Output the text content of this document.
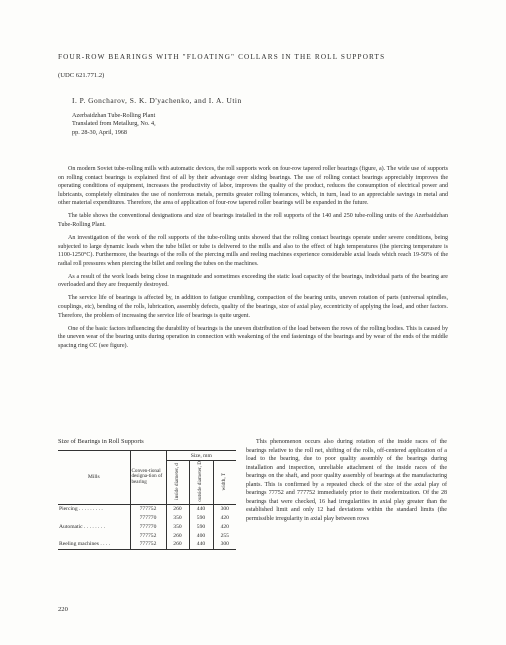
FOUR-ROW BEARINGS WITH "FLOATING" COLLARS IN THE ROLL SUPPORTS
(UDC 621.771.2)
I. P. Goncharov, S. K. D'yachenko, and I. A. Utin
Azerbaidzhan Tube-Rolling Plant
Translated from Metallurg, No. 4,
pp. 28-30, April, 1968

On modern Soviet tube-rolling mills with automatic devices, the roll supports work on four-row tapered roller bearings (figure, a). The wide use of supports on rolling contact bearings is explained first of all by their advantage over sliding bearings. The use of rolling contact bearings appreciably improves the operating conditions of equipment, increases the productivity of labor, improves the quality of the product, reduces the consumption of electrical power and lubricants, completely eliminates the use of nonferrous metals, permits greater rolling tolerances, which, in turn, lead to an appreciable savings in metal and other material expenditures. Therefore, the area of application of four-row tapered roller bearings will be expanded in the future.

The table shows the conventional designations and size of bearings installed in the roll supports of the 140 and 250 tube-rolling units of the Azerbaidzhan Tube-Rolling Plant.

An investigation of the work of the roll supports of the tube-rolling units showed that the rolling contact bearings operate under severe conditions, being subjected to large dynamic loads when the tube billet or tube is delivered to the mills and also to the effect of high temperatures (the piercing temperature is 1100-1250°C). Furthermore, the bearings of the rolls of the piercing mills and reeling machines experience considerable axial loads which reach 19-50% of the radial roll pressures when piercing the billet and reeling the tubes on the machines.

As a result of the work loads being close in magnitude and sometimes exceeding the static load capacity of the bearings, individual parts of the bearing are overloaded and they are frequently destroyed.

The service life of bearings is affected by, in addition to fatigue crumbling, compaction of the bearing units, uneven rotation of parts (universal spindles, couplings, etc), bending of the rolls, lubrication, assembly defects, quality of the bearings, size of axial play, eccentricity of applying the load, and other factors. Therefore, the problem of increasing the service life of bearings is quite urgent.

One of the basic factors influencing the durability of bearings is the uneven distribution of the load between the rows of the rolling bodies. This is caused by the uneven wear of the bearing units during operation in connection with weakening of the end fastenings of the bearings and by wear of the ends of the middle spacing ring CC (see figure).

Size of Bearings in Roll Supports
Mills	Conven-tional designa-tion of bearing	Size, mm		
		inside diameter, d	outside diameter, D	width, T
Piercing . . . . . . . . .	777752	260	440	300
	777770	350	590	420
Automatic . . . . . . . .	777770	350	590	420
	777752	260	400	255
Reeling machines . . . .	777752	260	440	300

This phenomenon occurs also during rotation of the inside races of the bearings relative to the roll net, shifting of the rolls, off-centered application of a load to the bearing, due to poor quality assembly of the bearings during installation and inspection, unreliable attachment of the inside races of the bearings on the shaft, and poor quality assembly of bearings at the manufacturing plants. This is confirmed by a repeated check of the size of the axial play of bearings 77752 and 777752 immediately prior to their modernization. Of the 28 bearings that were checked, 16 had irregularities in axial play greater than the established limit and only 12 had deviations within the standard limits (the permissible irregularity in axial play between rows

220
